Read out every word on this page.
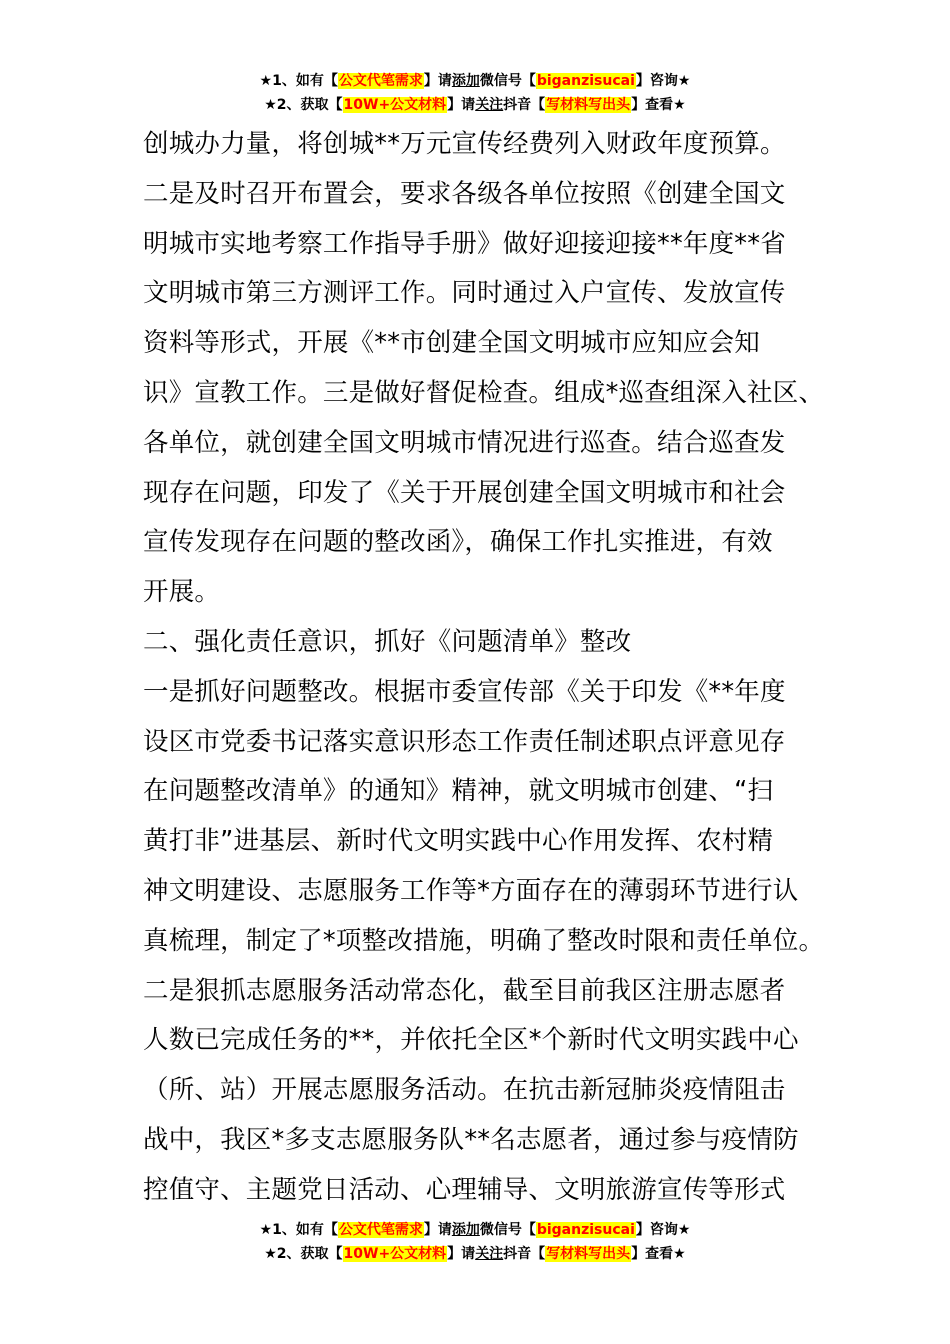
★1、如有【公文代笔需求】请添加微信号【biganzisucai】咨询★
★2、获取【10W+公文材料】请关注抖音【写材料写出头】查看★
创城办力量，将创城**万元宣传经费列入财政年度预算。
二是及时召开布置会，要求各级各单位按照《创建全国文
明城市实地考察工作指导手册》做好迎接迎接**年度**省
文明城市第三方测评工作。同时通过入户宣传、发放宣传
资料等形式，开展《**市创建全国文明城市应知应会知
识》宣教工作。三是做好督促检查。组成*巡查组深入社区、
各单位，就创建全国文明城市情况进行巡查。结合巡查发
现存在问题，印发了《关于开展创建全国文明城市和社会
宣传发现存在问题的整改函》，确保工作扎实推进，有效
开展。
二、强化责任意识，抓好《问题清单》整改
一是抓好问题整改。根据市委宣传部《关于印发《**年度
设区市党委书记落实意识形态工作责任制述职点评意见存
在问题整改清单》的通知》精神，就文明城市创建、“扫
黄打非”进基层、新时代文明实践中心作用发挥、农村精
神文明建设、志愿服务工作等*方面存在的薄弱环节进行认
真梳理，制定了*项整改措施，明确了整改时限和责任单位。
二是狠抓志愿服务活动常态化，截至目前我区注册志愿者
人数已完成任务的**，并依托全区*个新时代文明实践中心
（所、站）开展志愿服务活动。在抗击新冠肺炎疫情阻击
战中，我区*多支志愿服务队**名志愿者，通过参与疫情防
控值守、主题党日活动、心理辅导、文明旅游宣传等形式
★1、如有【公文代笔需求】请添加微信号【biganzisucai】咨询★
★2、获取【10W+公文材料】请关注抖音【写材料写出头】查看★
